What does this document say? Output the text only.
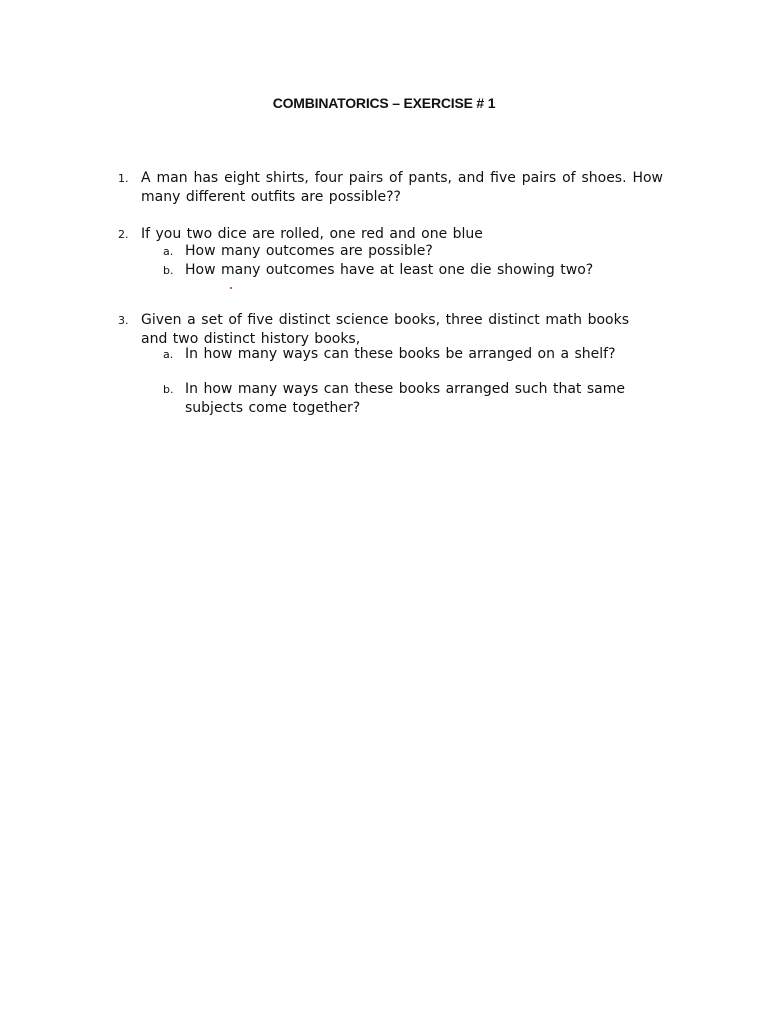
COMBINATORICS – EXERCISE # 1
1. A man has eight shirts, four pairs of pants, and five pairs of shoes. How many different outfits are possible??
2. If you two dice are rolled, one red and one blue
a. How many outcomes are possible?
b. How many outcomes have at least one die showing two?
3. Given a set of five distinct science books, three distinct math books and two distinct history books,
a. In how many ways can these books be arranged on a shelf?
b. In how many ways can these books arranged such that same subjects come together?
